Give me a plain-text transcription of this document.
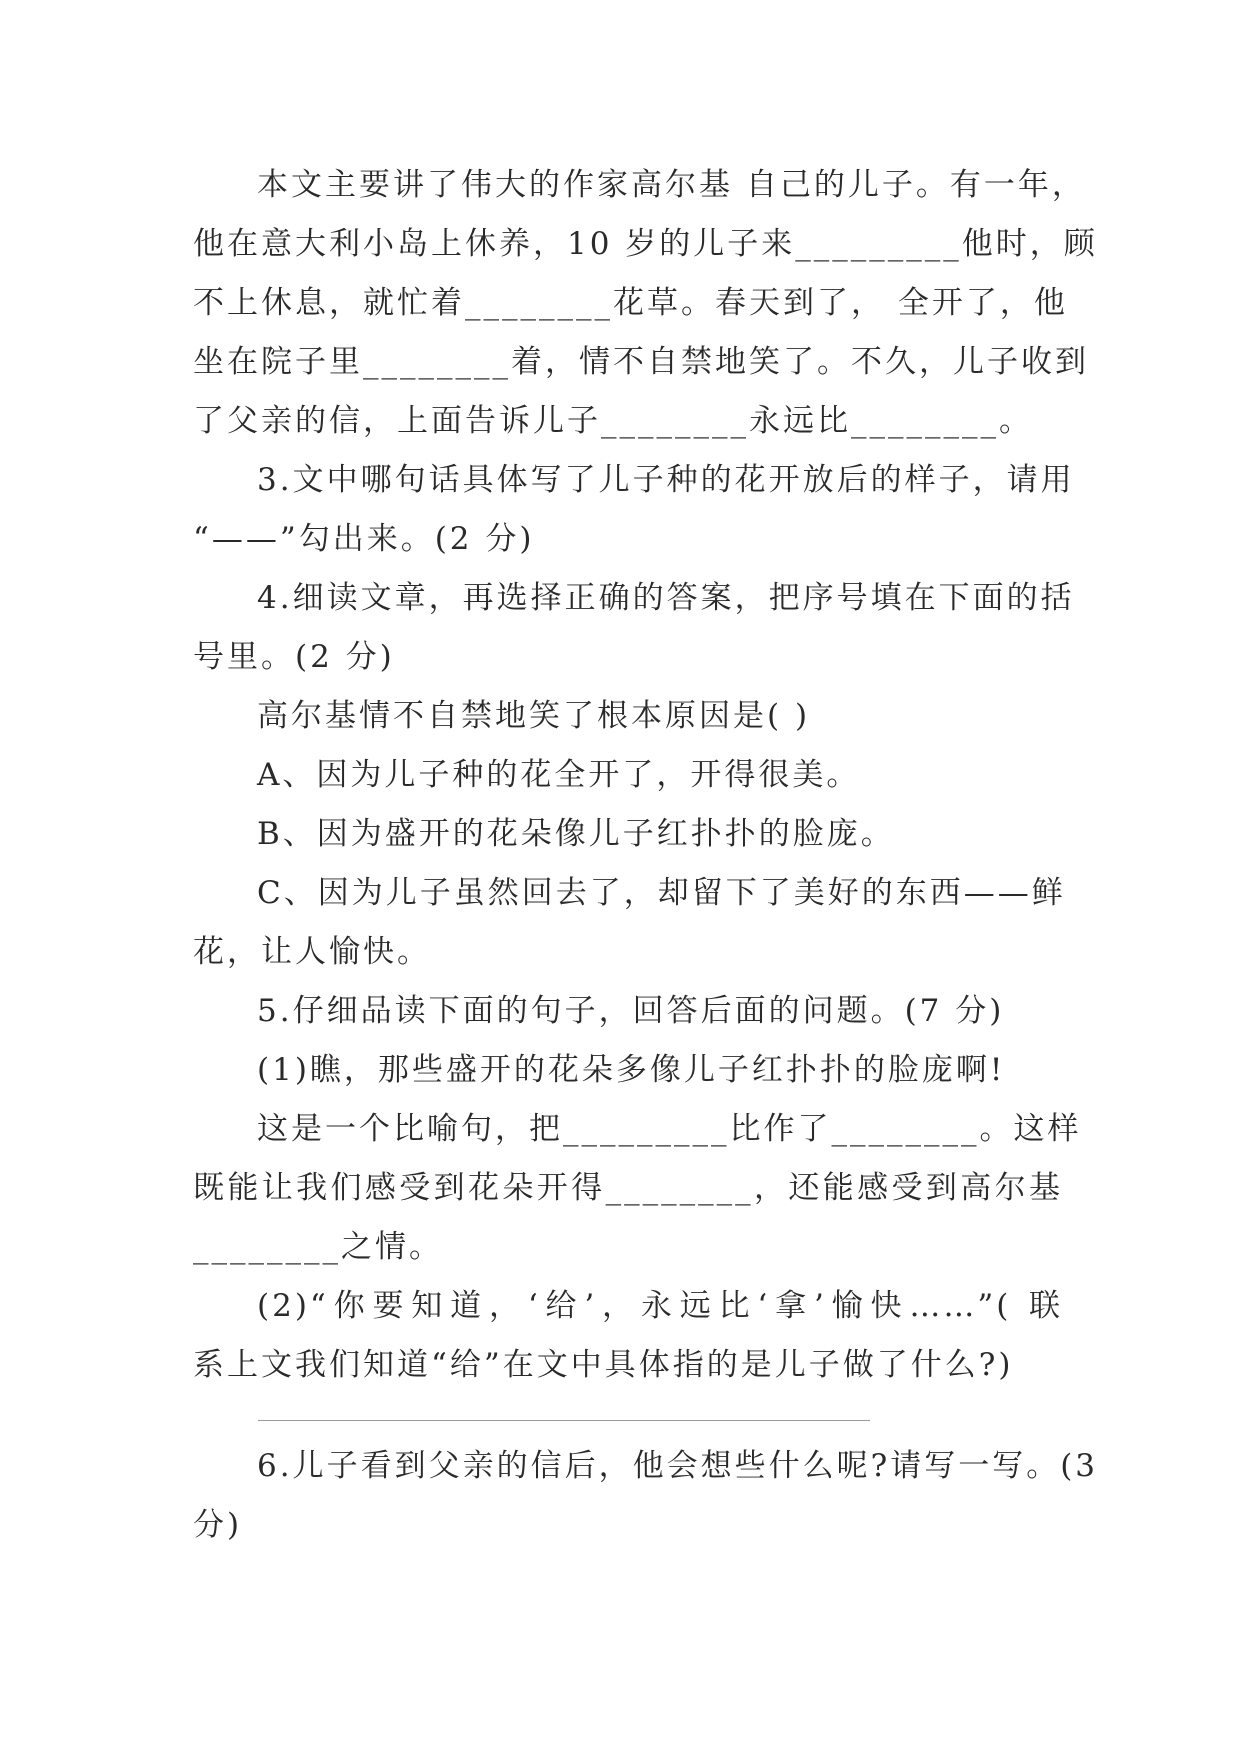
本文主要讲了伟大的作家高尔基 自己的儿子。有一年，
他在意大利小岛上休养，10 岁的儿子来_________他时，顾
不上休息，就忙着________花草。春天到了， 全开了，他
坐在院子里________着，情不自禁地笑了。不久，儿子收到
了父亲的信，上面告诉儿子________永远比________。
3.文中哪句话具体写了儿子种的花开放后的样子，请用
“——”勾出来。(2 分)
4.细读文章，再选择正确的答案，把序号填在下面的括
号里。(2 分)
高尔基情不自禁地笑了根本原因是( )
A、因为儿子种的花全开了，开得很美。
B、因为盛开的花朵像儿子红扑扑的脸庞。
C、因为儿子虽然回去了，却留下了美好的东西——鲜
花，让人愉快。
5.仔细品读下面的句子，回答后面的问题。(7 分)
(1)瞧，那些盛开的花朵多像儿子红扑扑的脸庞啊!
这是一个比喻句，把_________比作了________。这样
既能让我们感受到花朵开得________，还能感受到高尔基
________之情。
(2)“你要知道，‘给’，永远比‘拿’愉快……”( 联
系上文我们知道“给”在文中具体指的是儿子做了什么?)
6.儿子看到父亲的信后，他会想些什么呢?请写一写。(3
分)
